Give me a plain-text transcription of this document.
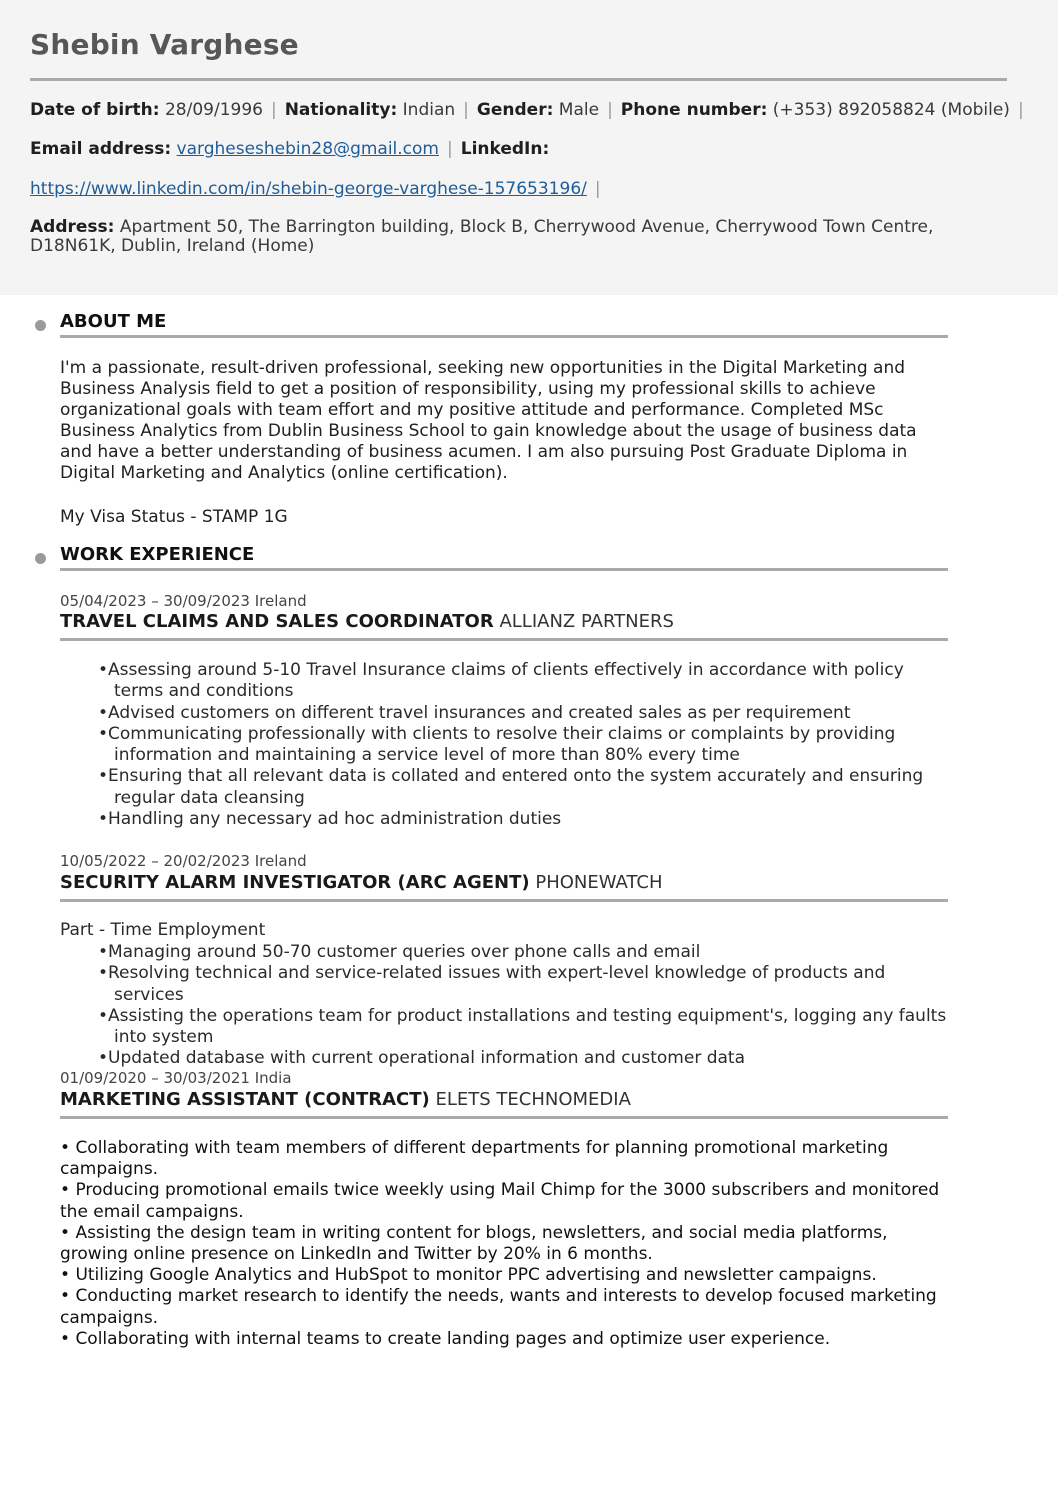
Shebin Varghese
Date of birth: 28/09/1996 | Nationality: Indian | Gender: Male | Phone number: (+353) 892058824 (Mobile) |
Email address: vargheseshebin28@gmail.com | LinkedIn:
https://www.linkedin.com/in/shebin-george-varghese-157653196/ |
Address: Apartment 50, The Barrington building, Block B, Cherrywood Avenue, Cherrywood Town Centre, D18N61K, Dublin, Ireland (Home)
ABOUT ME
I'm a passionate, result-driven professional, seeking new opportunities in the Digital Marketing and Business Analysis field to get a position of responsibility, using my professional skills to achieve organizational goals with team effort and my positive attitude and performance. Completed MSc Business Analytics from Dublin Business School to gain knowledge about the usage of business data and have a better understanding of business acumen. I am also pursuing Post Graduate Diploma in Digital Marketing and Analytics (online certification).
My Visa Status - STAMP 1G
WORK EXPERIENCE
05/04/2023 – 30/09/2023 Ireland
TRAVEL CLAIMS AND SALES COORDINATOR ALLIANZ PARTNERS
•Assessing around 5-10 Travel Insurance claims of clients effectively in accordance with policy terms and conditions
•Advised customers on different travel insurances and created sales as per requirement
•Communicating professionally with clients to resolve their claims or complaints by providing information and maintaining a service level of more than 80% every time
•Ensuring that all relevant data is collated and entered onto the system accurately and ensuring regular data cleansing
•Handling any necessary ad hoc administration duties
10/05/2022 – 20/02/2023 Ireland
SECURITY ALARM INVESTIGATOR (ARC AGENT) PHONEWATCH
Part - Time Employment
•Managing around 50-70 customer queries over phone calls and email
•Resolving technical and service-related issues with expert-level knowledge of products and services
•Assisting the operations team for product installations and testing equipment's, logging any faults into system
•Updated database with current operational information and customer data
01/09/2020 – 30/03/2021 India
MARKETING ASSISTANT (CONTRACT) ELETS TECHNOMEDIA
• Collaborating with team members of different departments for planning promotional marketing campaigns.
• Producing promotional emails twice weekly using Mail Chimp for the 3000 subscribers and monitored the email campaigns.
• Assisting the design team in writing content for blogs, newsletters, and social media platforms, growing online presence on LinkedIn and Twitter by 20% in 6 months.
• Utilizing Google Analytics and HubSpot to monitor PPC advertising and newsletter campaigns.
• Conducting market research to identify the needs, wants and interests to develop focused marketing campaigns.
• Collaborating with internal teams to create landing pages and optimize user experience.
